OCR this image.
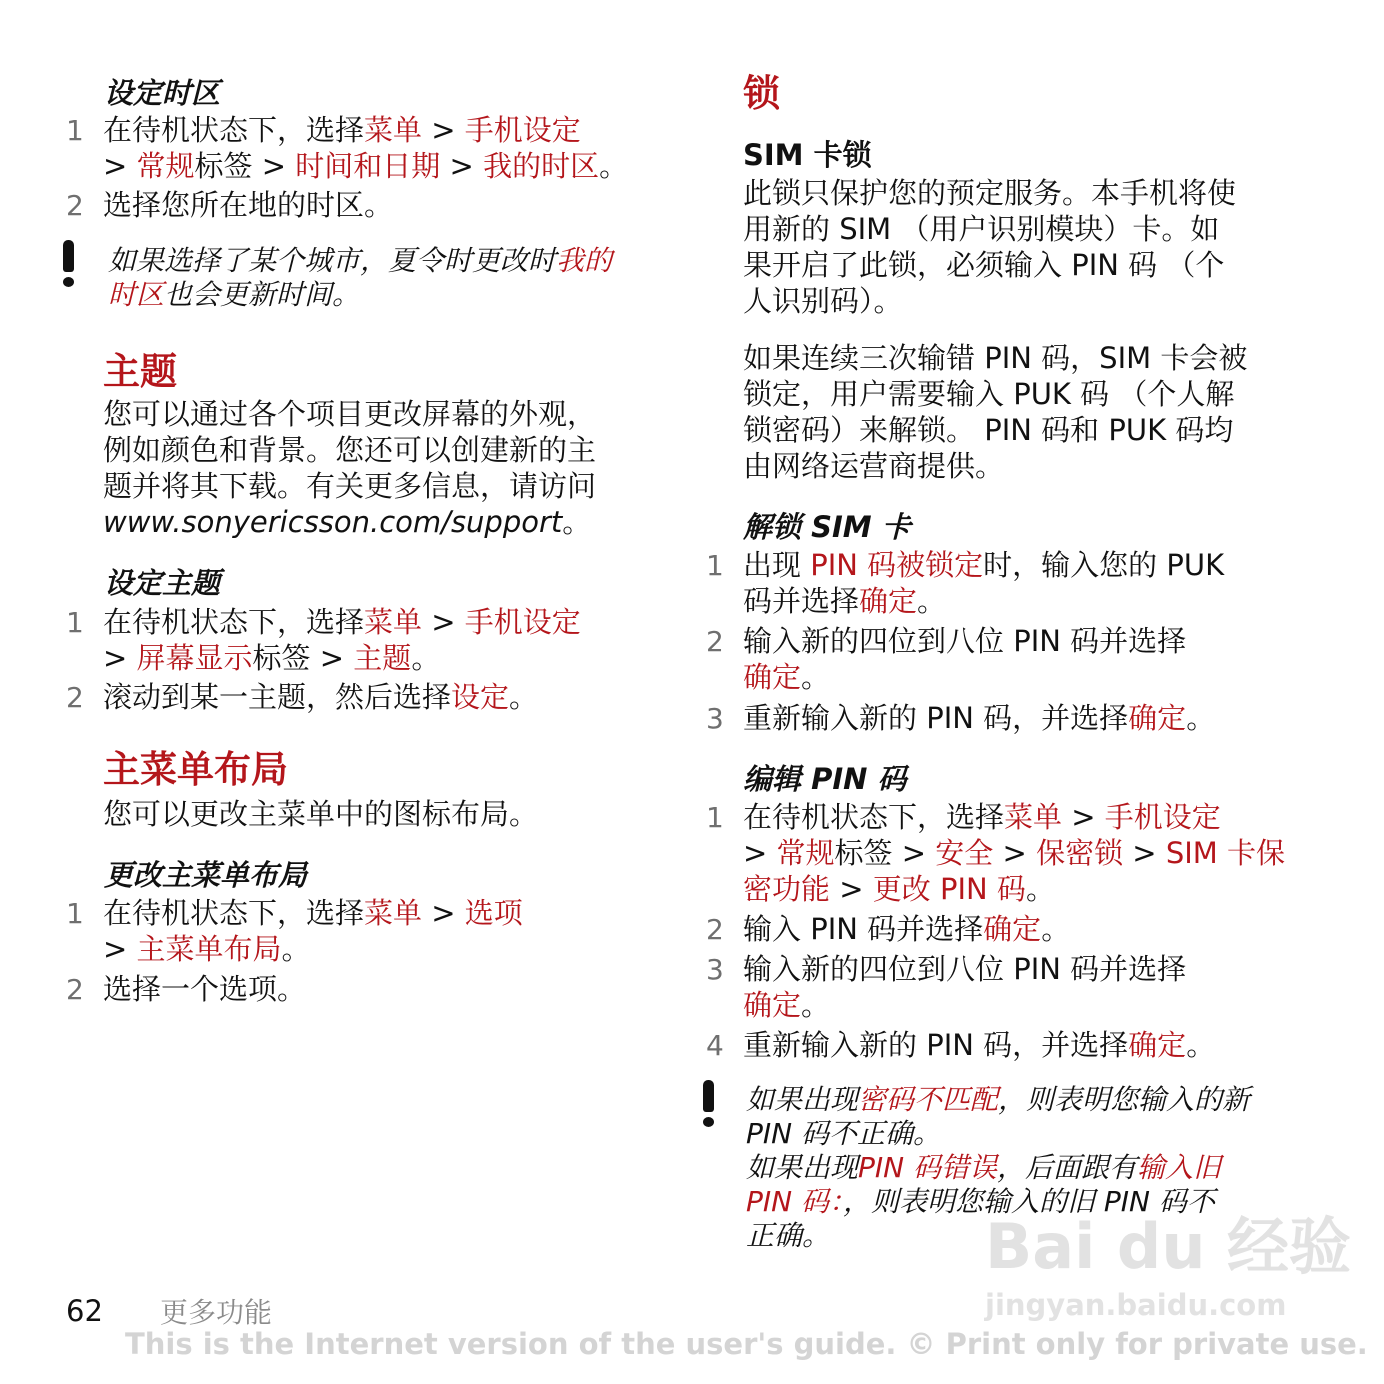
设定时区
1 在待机状态下，选择菜单 > 手机设定
> 常规标签 > 时间和日期 > 我的时区。
2 选择您所在地的时区。
如果选择了某个城市，夏令时更改时我的
时区也会更新时间。
主题
您可以通过各个项目更改屏幕的外观，
例如颜色和背景。您还可以创建新的主
题并将其下载。有关更多信息，请访问
www.sonyericsson.com/support。
设定主题
1 在待机状态下，选择菜单 > 手机设定
> 屏幕显示标签 > 主题。
2 滚动到某一主题，然后选择设定。
主菜单布局
您可以更改主菜单中的图标布局。
更改主菜单布局
1 在待机状态下，选择菜单 > 选项
> 主菜单布局。
2 选择一个选项。
锁
SIM 卡锁
此锁只保护您的预定服务。本手机将使
用新的 SIM （用户识别模块）卡。如
果开启了此锁，必须输入 PIN 码 （个
人识别码）。
如果连续三次输错 PIN 码，SIM 卡会被
锁定，用户需要输入 PUK 码 （个人解
锁密码）来解锁。 PIN 码和 PUK 码均
由网络运营商提供。
解锁 SIM 卡
1 出现 PIN 码被锁定时，输入您的 PUK
码并选择确定。
2 输入新的四位到八位 PIN 码并选择
确定。
3 重新输入新的 PIN 码，并选择确定。
编辑 PIN 码
1 在待机状态下，选择菜单 > 手机设定
> 常规标签 > 安全 > 保密锁 > SIM 卡保
密功能 > 更改 PIN 码。
2 输入 PIN 码并选择确定。
3 输入新的四位到八位 PIN 码并选择
确定。
4 重新输入新的 PIN 码，并选择确定。
如果出现密码不匹配，则表明您输入的新
PIN 码不正确。
如果出现PIN 码错误，后面跟有输入旧
PIN 码：，则表明您输入的旧 PIN 码不
正确。 Bai du 经验
jingyan.baidu.com
62 更多功能
This is the Internet version of the user's guide. © Print only for private use.
